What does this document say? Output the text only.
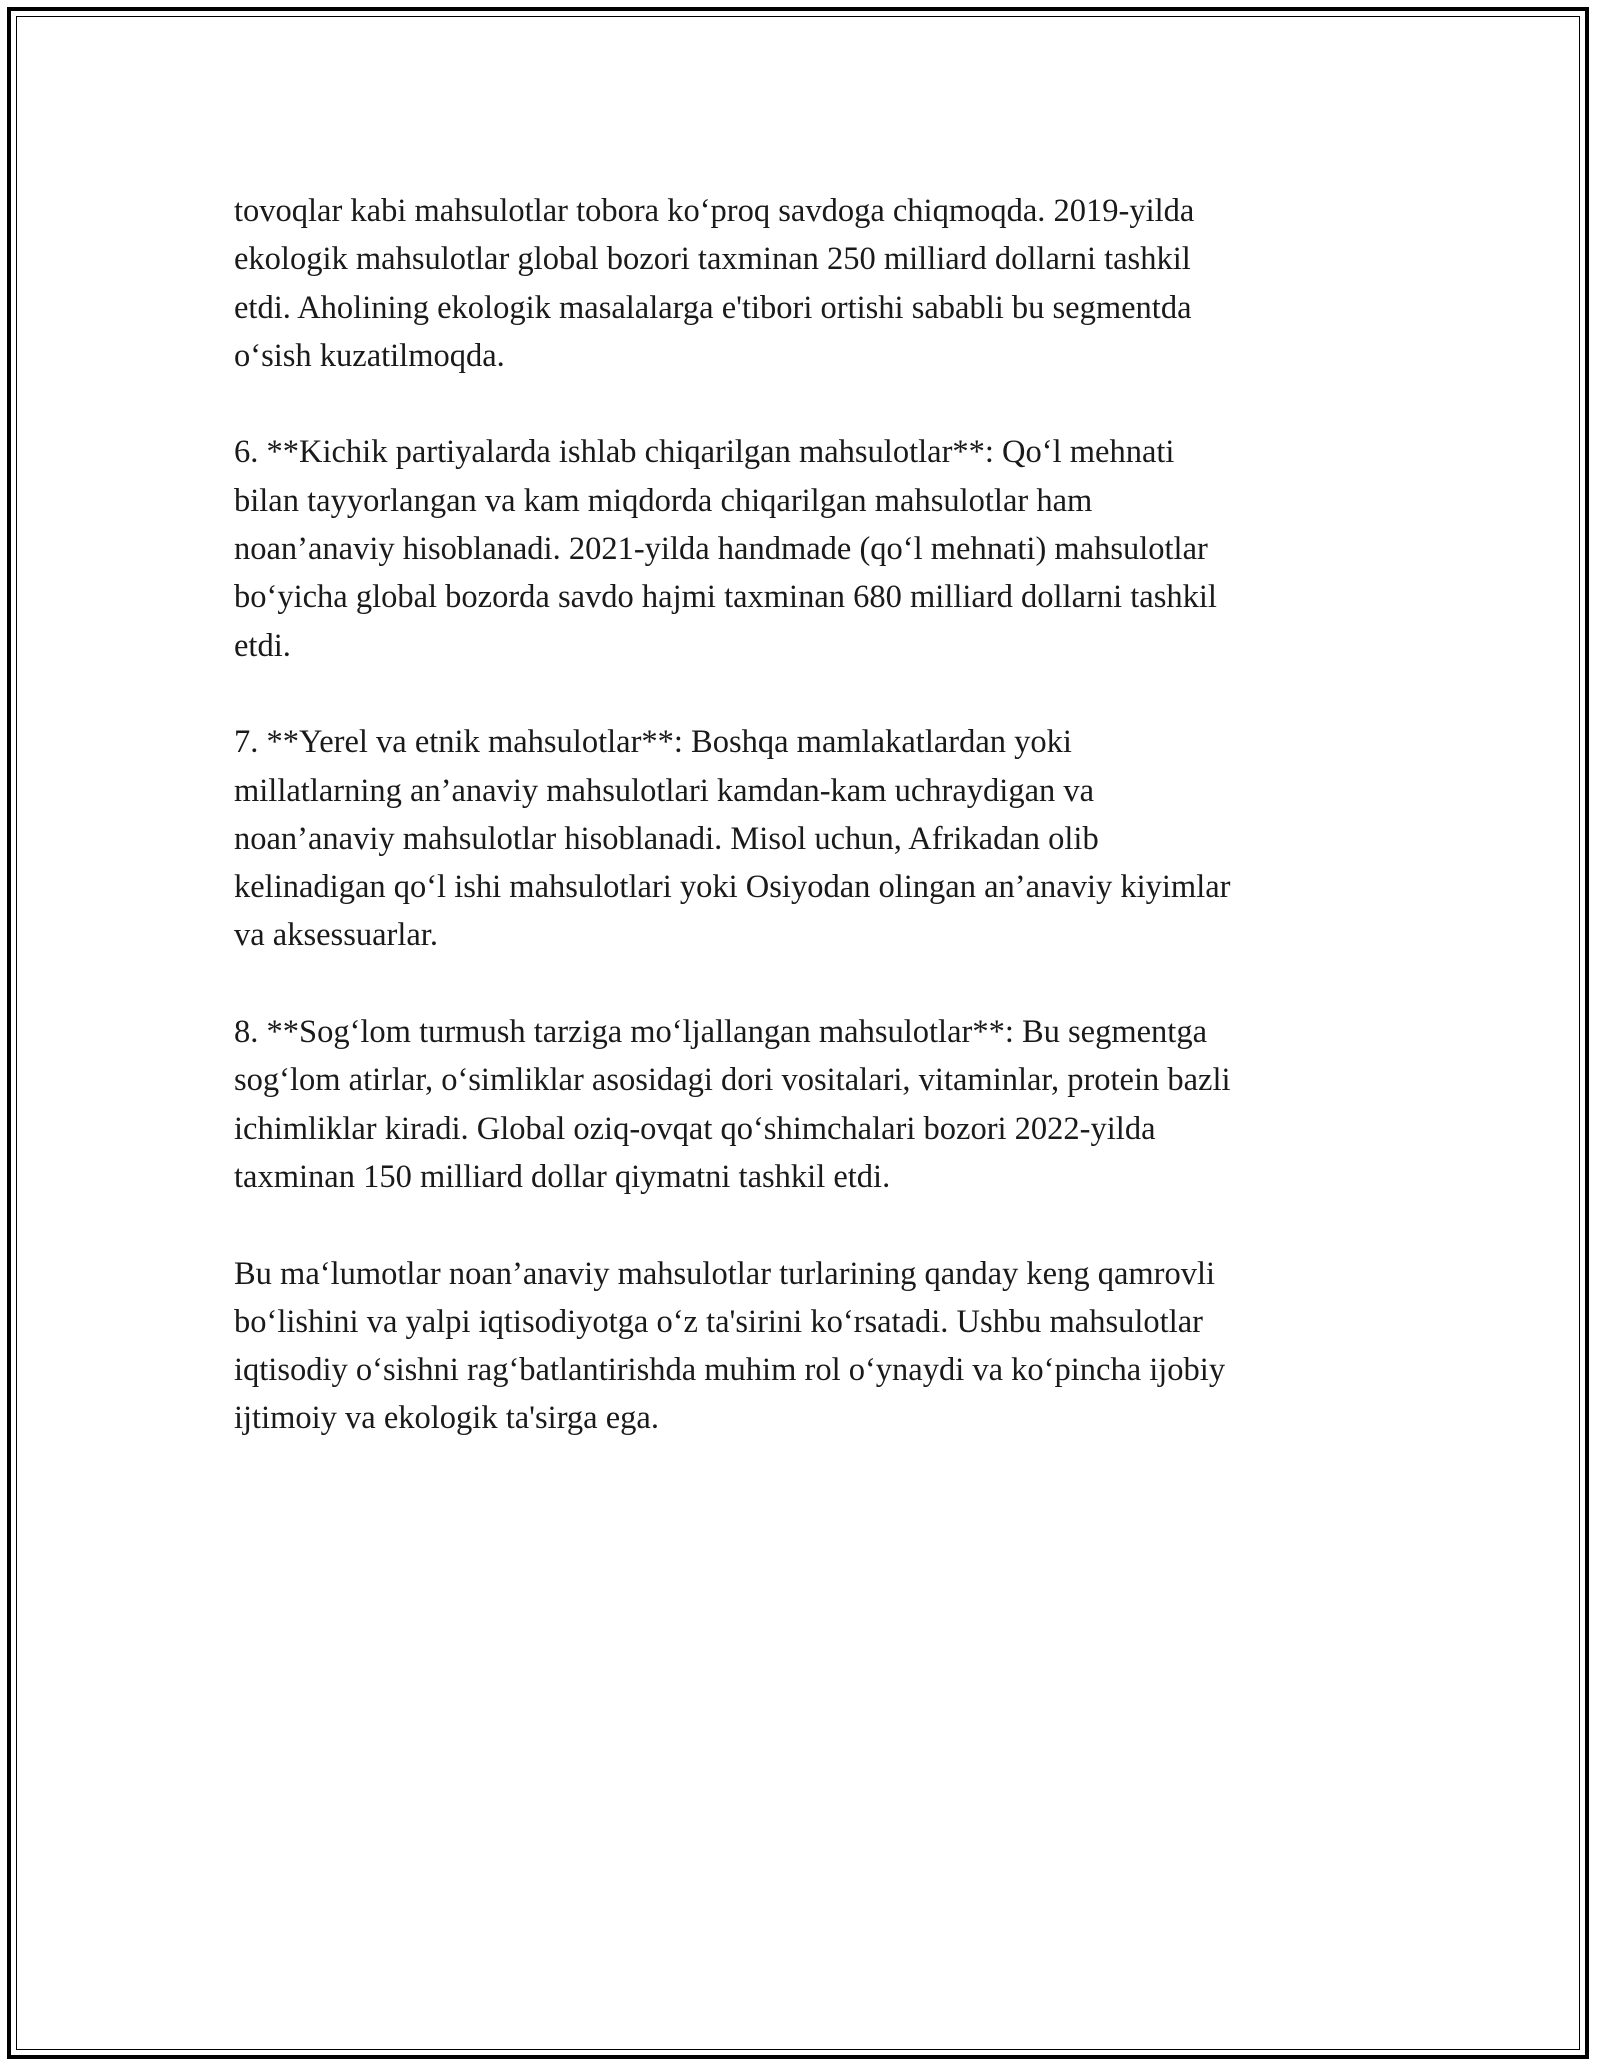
tovoqlar kabi mahsulotlar tobora ko‘proq savdoga chiqmoqda. 2019-yilda
ekologik mahsulotlar global bozori taxminan 250 milliard dollarni tashkil
etdi. Aholining ekologik masalalarga e'tibori ortishi sababli bu segmentda
o‘sish kuzatilmoqda.

6. **Kichik partiyalarda ishlab chiqarilgan mahsulotlar**: Qo‘l mehnati
bilan tayyorlangan va kam miqdorda chiqarilgan mahsulotlar ham
noan’anaviy hisoblanadi. 2021-yilda handmade (qo‘l mehnati) mahsulotlar
bo‘yicha global bozorda savdo hajmi taxminan 680 milliard dollarni tashkil
etdi.

7. **Yerel va etnik mahsulotlar**: Boshqa mamlakatlardan yoki
millatlarning an’anaviy mahsulotlari kamdan-kam uchraydigan va
noan’anaviy mahsulotlar hisoblanadi. Misol uchun, Afrikadan olib
kelinadigan qo‘l ishi mahsulotlari yoki Osiyodan olingan an’anaviy kiyimlar
va aksessuarlar.

8. **Sog‘lom turmush tarziga mo‘ljallangan mahsulotlar**: Bu segmentga
sog‘lom atirlar, o‘simliklar asosidagi dori vositalari, vitaminlar, protein bazli
ichimliklar kiradi. Global oziq-ovqat qo‘shimchalari bozori 2022-yilda
taxminan 150 milliard dollar qiymatni tashkil etdi.

Bu ma‘lumotlar noan’anaviy mahsulotlar turlarining qanday keng qamrovli
bo‘lishini va yalpi iqtisodiyotga o‘z ta'sirini ko‘rsatadi. Ushbu mahsulotlar
iqtisodiy o‘sishni rag‘batlantirishda muhim rol o‘ynaydi va ko‘pincha ijobiy
ijtimoiy va ekologik ta'sirga ega.
